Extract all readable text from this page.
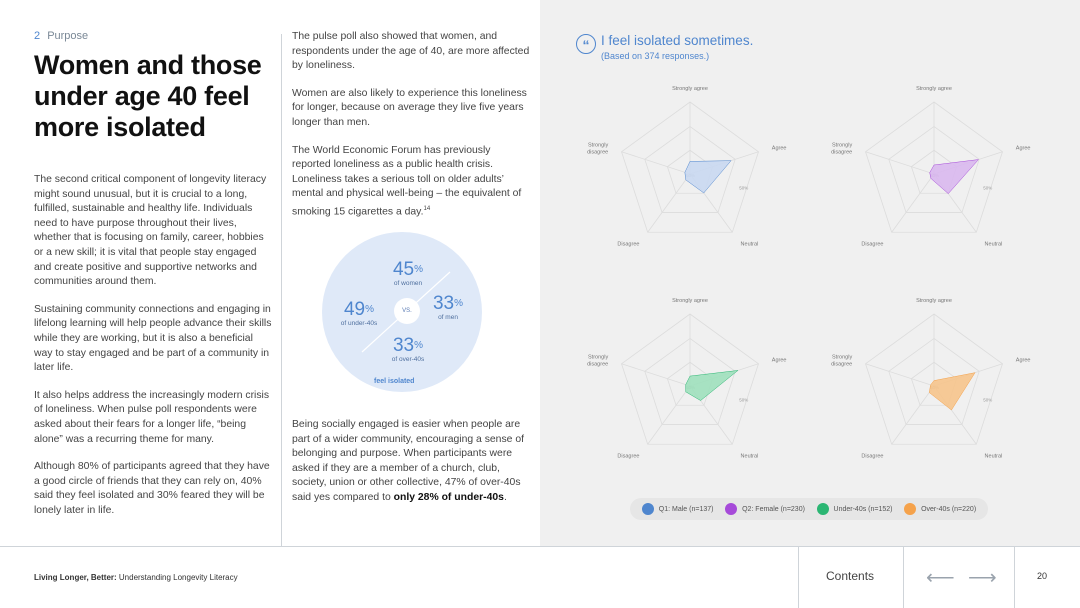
2 Purpose
Women and those under age 40 feel more isolated

The second critical component of longevity literacy might sound unusual, but it is crucial to a long, fulfilled, sustainable and healthy life. Individuals need to have purpose throughout their lives, whether that is focusing on family, career, hobbies or a new skill; it is vital that people stay engaged and create positive and supportive networks and communities around them.

Sustaining community connections and engaging in lifelong learning will help people advance their skills while they are working, but it is also a beneficial way to stay engaged and be part of a community in later life.

It also helps address the increasingly modern crisis of loneliness. When pulse poll respondents were asked about their fears for a longer life, “being alone” was a recurring theme for many.

Although 80% of participants agreed that they have a good circle of friends that they can rely on, 40% said they feel isolated and 30% feared they will be lonely later in life.

The pulse poll also showed that women, and respondents under the age of 40, are more affected by loneliness.

Women are also likely to experience this loneliness for longer, because on average they live five years longer than men.

The World Economic Forum has previously reported loneliness as a public health crisis. Loneliness takes a serious toll on older adults’ mental and physical well-being – the equivalent of smoking 15 cigarettes a day.$^{14}$

VS.
45%
of women
33%
of men
49%
of under-40s
33%
of over-40s
feel isolated

Being socially engaged is easier when people are part of a wider community, encouraging a sense of belonging and purpose. When participants were asked if they are a member of a church, club, society, union or other collective, 47% of over-40s said yes compared to only 28% of under-40s.

“ I feel isolated sometimes.
(Based on 374 responses.)
Strongly agree
Agree
Neutral
Disagree
Strongly
disagree
50%
Strongly agree
Agree
Neutral
Disagree
Strongly
disagree
50%
Strongly agree
Agree
Neutral
Disagree
Strongly
disagree
50%
Strongly agree
Agree
Neutral
Disagree
Strongly
disagree
50%
Q1: Male (n=137)	Q2: Female (n=230)	Under-40s (n=152)	Over-40s (n=220)
Living Longer, Better: Understanding Longevity Literacy	Contents	⟵ ⟶	20
